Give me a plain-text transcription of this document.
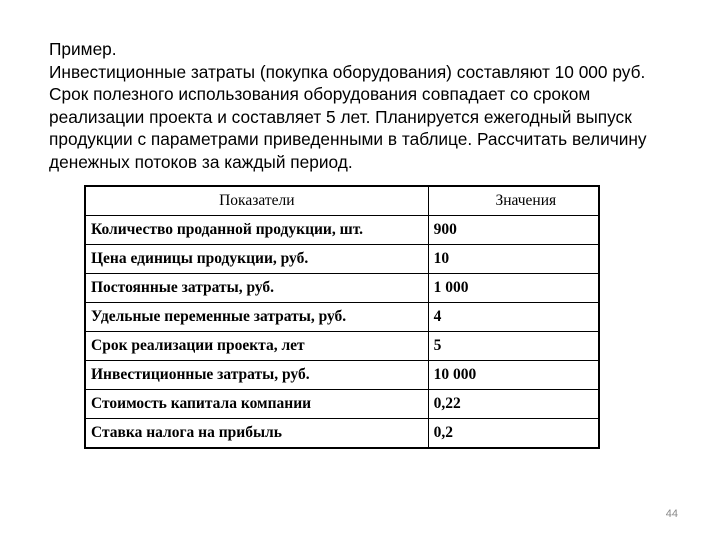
Пример.
Инвестиционные затраты (покупка оборудования) составляют 10 000 руб.
Срок полезного использования оборудования совпадает со сроком
реализации проекта и составляет 5 лет. Планируется ежегодный выпуск
продукции с параметрами приведенными в таблице. Рассчитать величину
денежных потоков за каждый период.
Показатели	Значения
Количество проданной продукции, шт.	900
Цена единицы продукции, руб.	10
Постоянные затраты, руб.	1 000
Удельные переменные затраты, руб.	4
Срок реализации проекта, лет	5
Инвестиционные затраты, руб.	10 000
Стоимость капитала компании	0,22
Ставка налога на прибыль	0,2
44
